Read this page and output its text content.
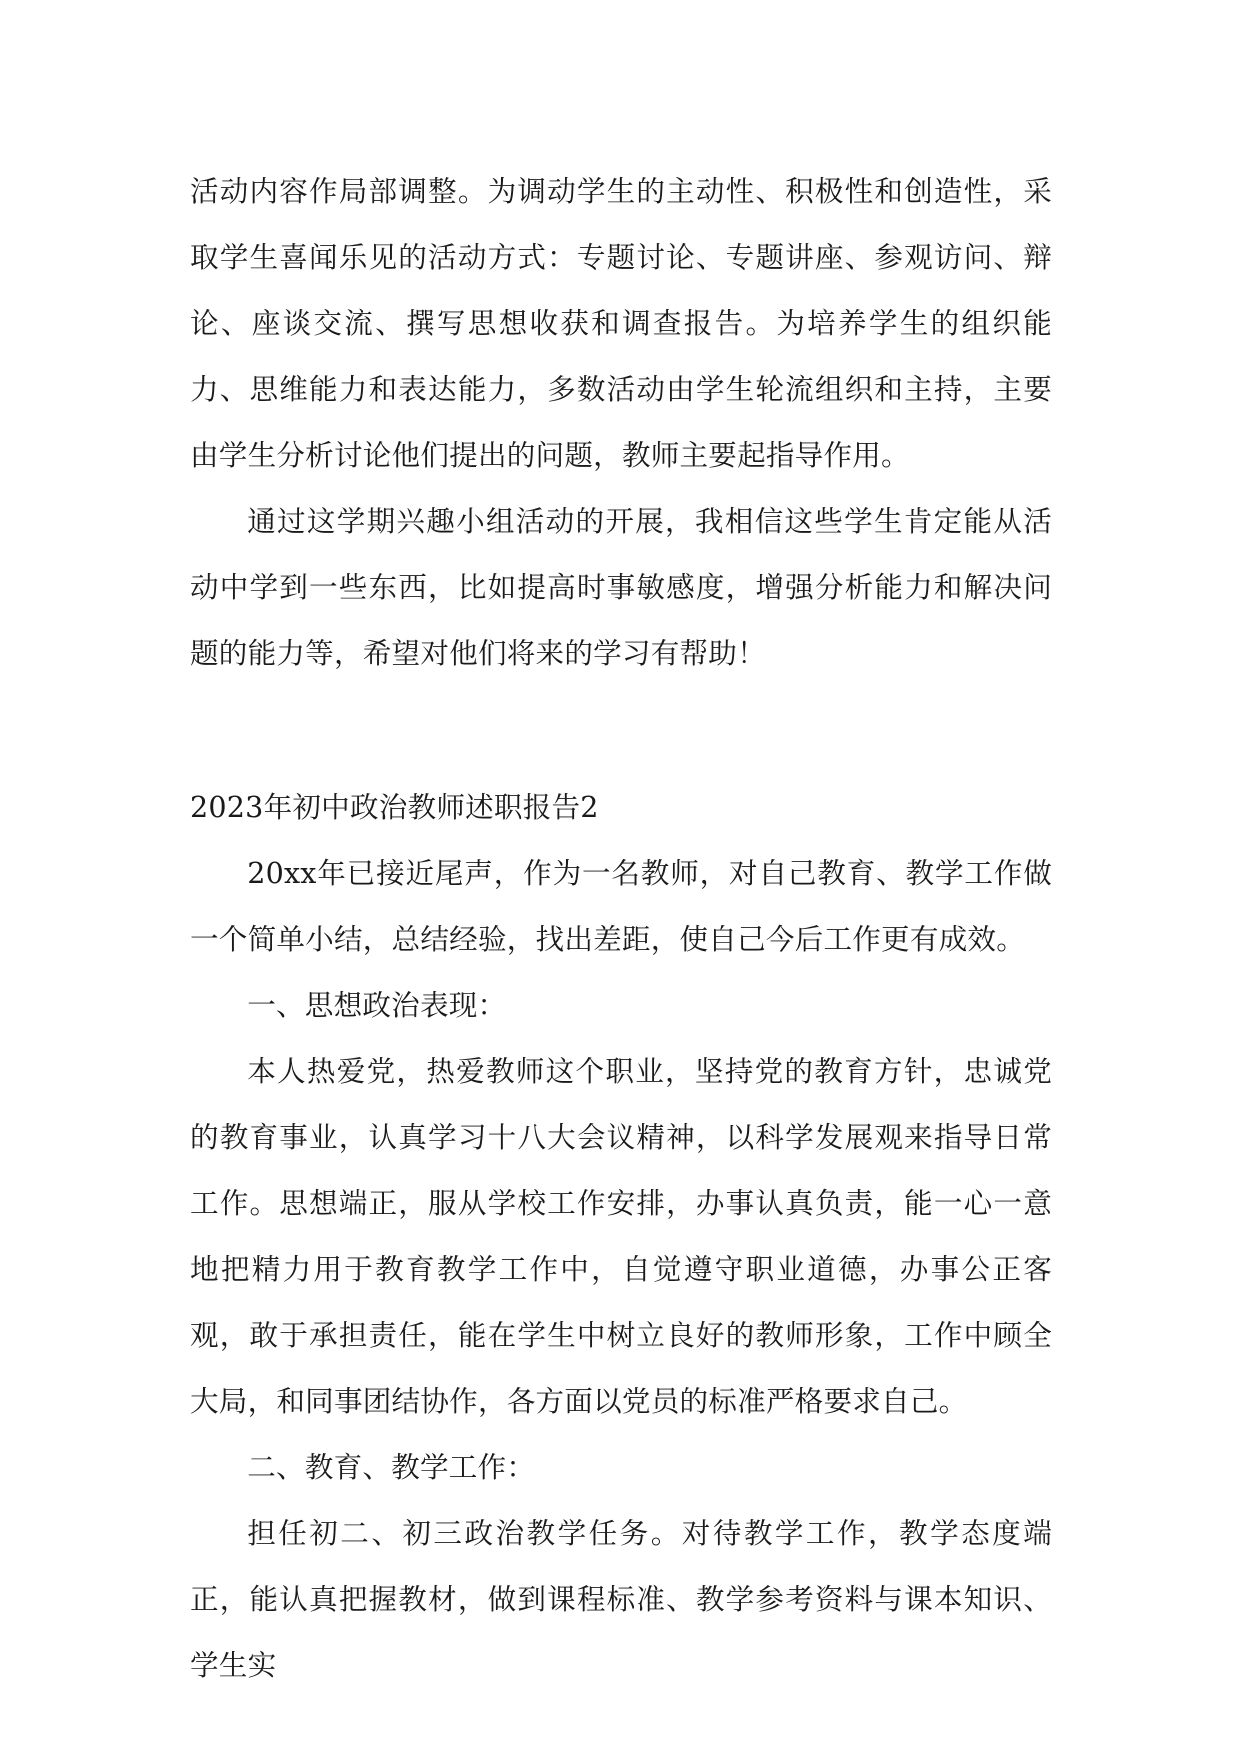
活动内容作局部调整。为调动学生的主动性、积极性和创造性，采取学生喜闻乐见的活动方式：专题讨论、专题讲座、参观访问、辩论、座谈交流、撰写思想收获和调查报告。为培养学生的组织能力、思维能力和表达能力，多数活动由学生轮流组织和主持，主要由学生分析讨论他们提出的问题，教师主要起指导作用。

通过这学期兴趣小组活动的开展，我相信这些学生肯定能从活动中学到一些东西，比如提高时事敏感度，增强分析能力和解决问题的能力等，希望对他们将来的学习有帮助！

2023年初中政治教师述职报告2

20xx年已接近尾声，作为一名教师，对自己教育、教学工作做一个简单小结，总结经验，找出差距，使自己今后工作更有成效。

一、思想政治表现：

本人热爱党，热爱教师这个职业，坚持党的教育方针，忠诚党的教育事业，认真学习十八大会议精神，以科学发展观来指导日常工作。思想端正，服从学校工作安排，办事认真负责，能一心一意地把精力用于教育教学工作中，自觉遵守职业道德，办事公正客观，敢于承担责任，能在学生中树立良好的教师形象，工作中顾全大局，和同事团结协作，各方面以党员的标准严格要求自己。

二、教育、教学工作：

担任初二、初三政治教学任务。对待教学工作，教学态度端正，能认真把握教材，做到课程标准、教学参考资料与课本知识、学生实
